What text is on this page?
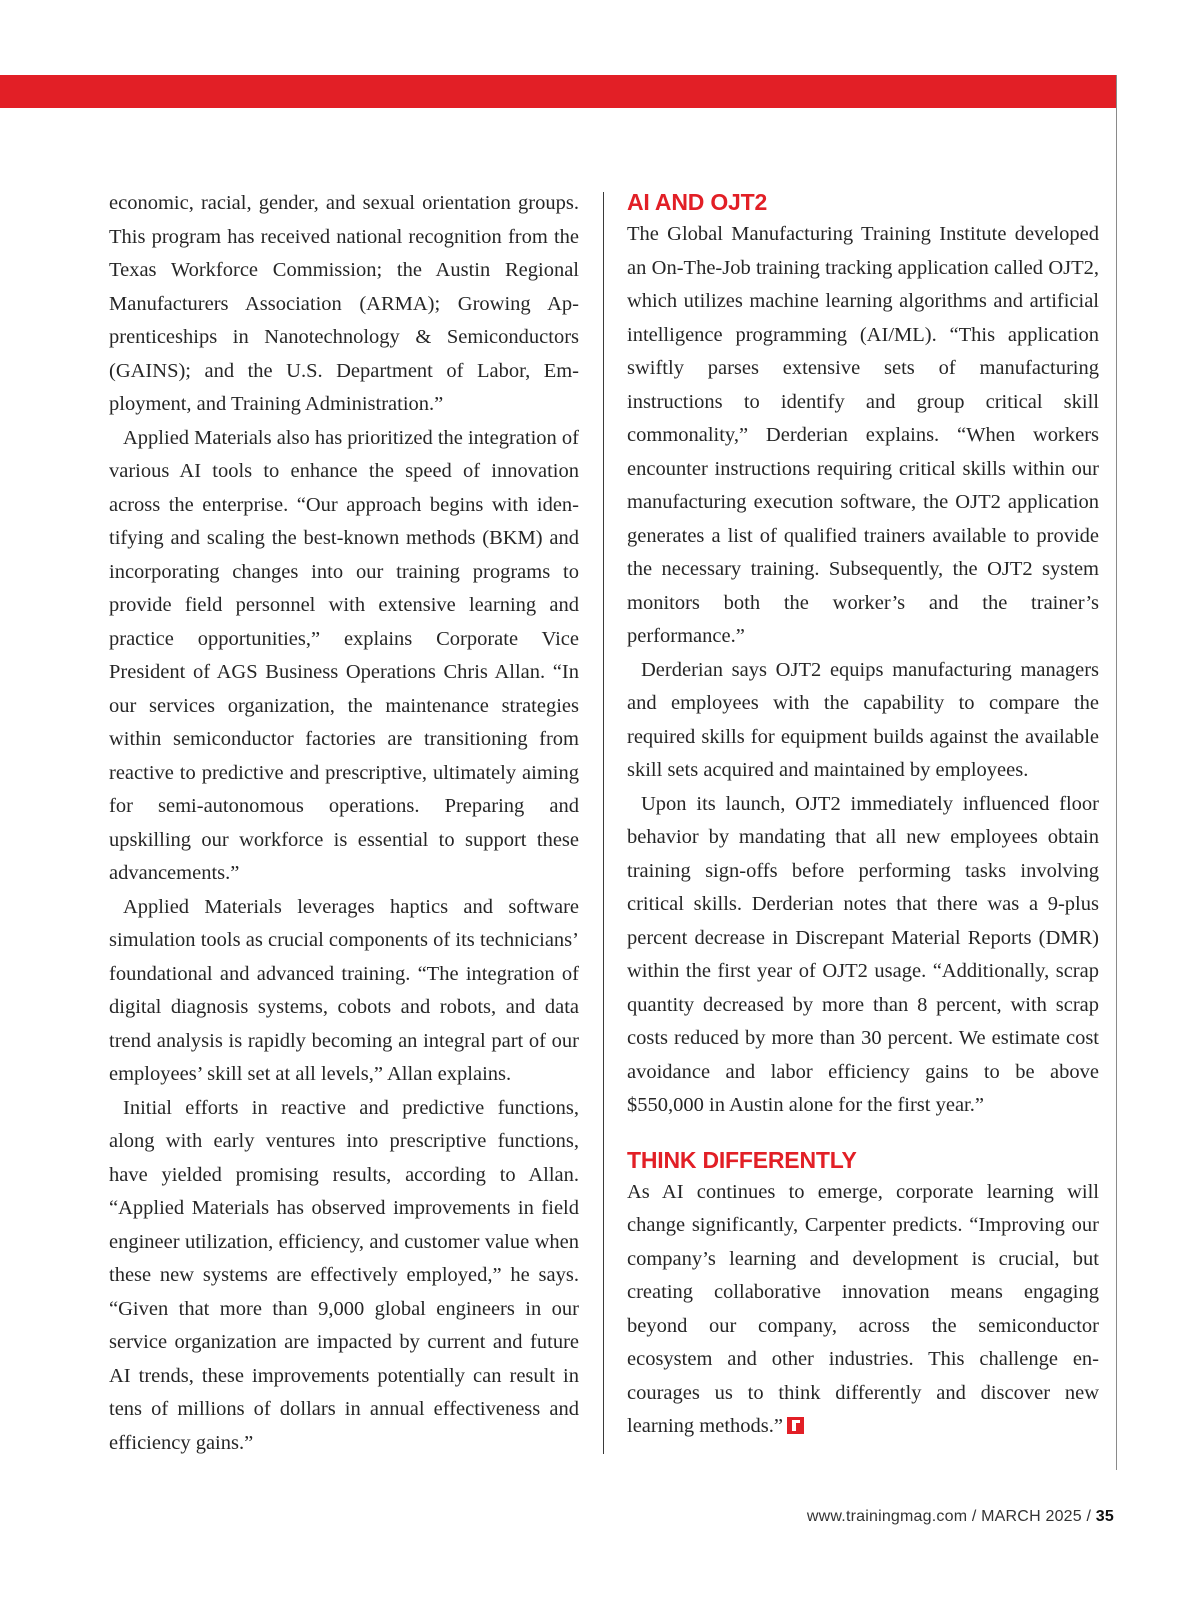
economic, racial, gender, and sexual orientation groups. This program has received national recognition from the Texas Workforce Commission; the Austin Regional Manufacturers Association (ARMA); Growing Apprenticeships in Nanotechnology & Semiconductors (GAINS); and the U.S. Department of Labor, Employment, and Training Administration.”

Applied Materials also has prioritized the integration of various AI tools to enhance the speed of innovation across the enterprise. “Our approach begins with identifying and scaling the best-known methods (BKM) and incorporating changes into our training programs to provide field personnel with extensive learning and practice opportunities,” explains Corporate Vice President of AGS Business Operations Chris Allan. “In our services organization, the maintenance strategies within semiconductor factories are transitioning from reactive to predictive and prescriptive, ultimately aiming for semi-autonomous operations. Preparing and upskilling our workforce is essential to support these advancements.”

Applied Materials leverages haptics and software simulation tools as crucial components of its technicians’ foundational and advanced training. “The integration of digital diagnosis systems, cobots and robots, and data trend analysis is rapidly becoming an integral part of our employees’ skill set at all levels,” Allan explains.

Initial efforts in reactive and predictive functions, along with early ventures into prescriptive functions, have yielded promising results, according to Allan. “Applied Materials has observed improvements in field engineer utilization, efficiency, and customer value when these new systems are effectively employed,” he says. “Given that more than 9,000 global engineers in our service organization are impacted by current and future AI trends, these improvements potentially can result in tens of millions of dollars in annual effectiveness and efficiency gains.”

AI AND OJT2

The Global Manufacturing Training Institute developed an On-The-Job training tracking application called OJT2, which utilizes machine learning algorithms and artificial intelligence programming (AI/ML). “This application swiftly parses extensive sets of manufacturing instructions to identify and group critical skill commonality,” Derderian explains. “When workers encounter instructions requiring critical skills within our manufacturing execution software, the OJT2 application generates a list of qualified trainers available to provide the necessary training. Subsequently, the OJT2 system monitors both the worker’s and the trainer’s performance.”

Derderian says OJT2 equips manufacturing managers and employees with the capability to compare the required skills for equipment builds against the available skill sets acquired and maintained by employees.

Upon its launch, OJT2 immediately influenced floor behavior by mandating that all new employees obtain training sign-offs before performing tasks involving critical skills. Derderian notes that there was a 9-plus percent decrease in Discrepant Material Reports (DMR) within the first year of OJT2 usage. “Additionally, scrap quantity decreased by more than 8 percent, with scrap costs reduced by more than 30 percent. We estimate cost avoidance and labor efficiency gains to be above $550,000 in Austin alone for the first year.”

THINK DIFFERENTLY

As AI continues to emerge, corporate learning will change significantly, Carpenter predicts. “Improving our company’s learning and development is crucial, but creating collaborative innovation means engaging beyond our company, across the semiconductor ecosystem and other industries. This challenge encourages us to think differently and discover new learning methods.”

www.trainingmag.com / MARCH 2025 / 35
